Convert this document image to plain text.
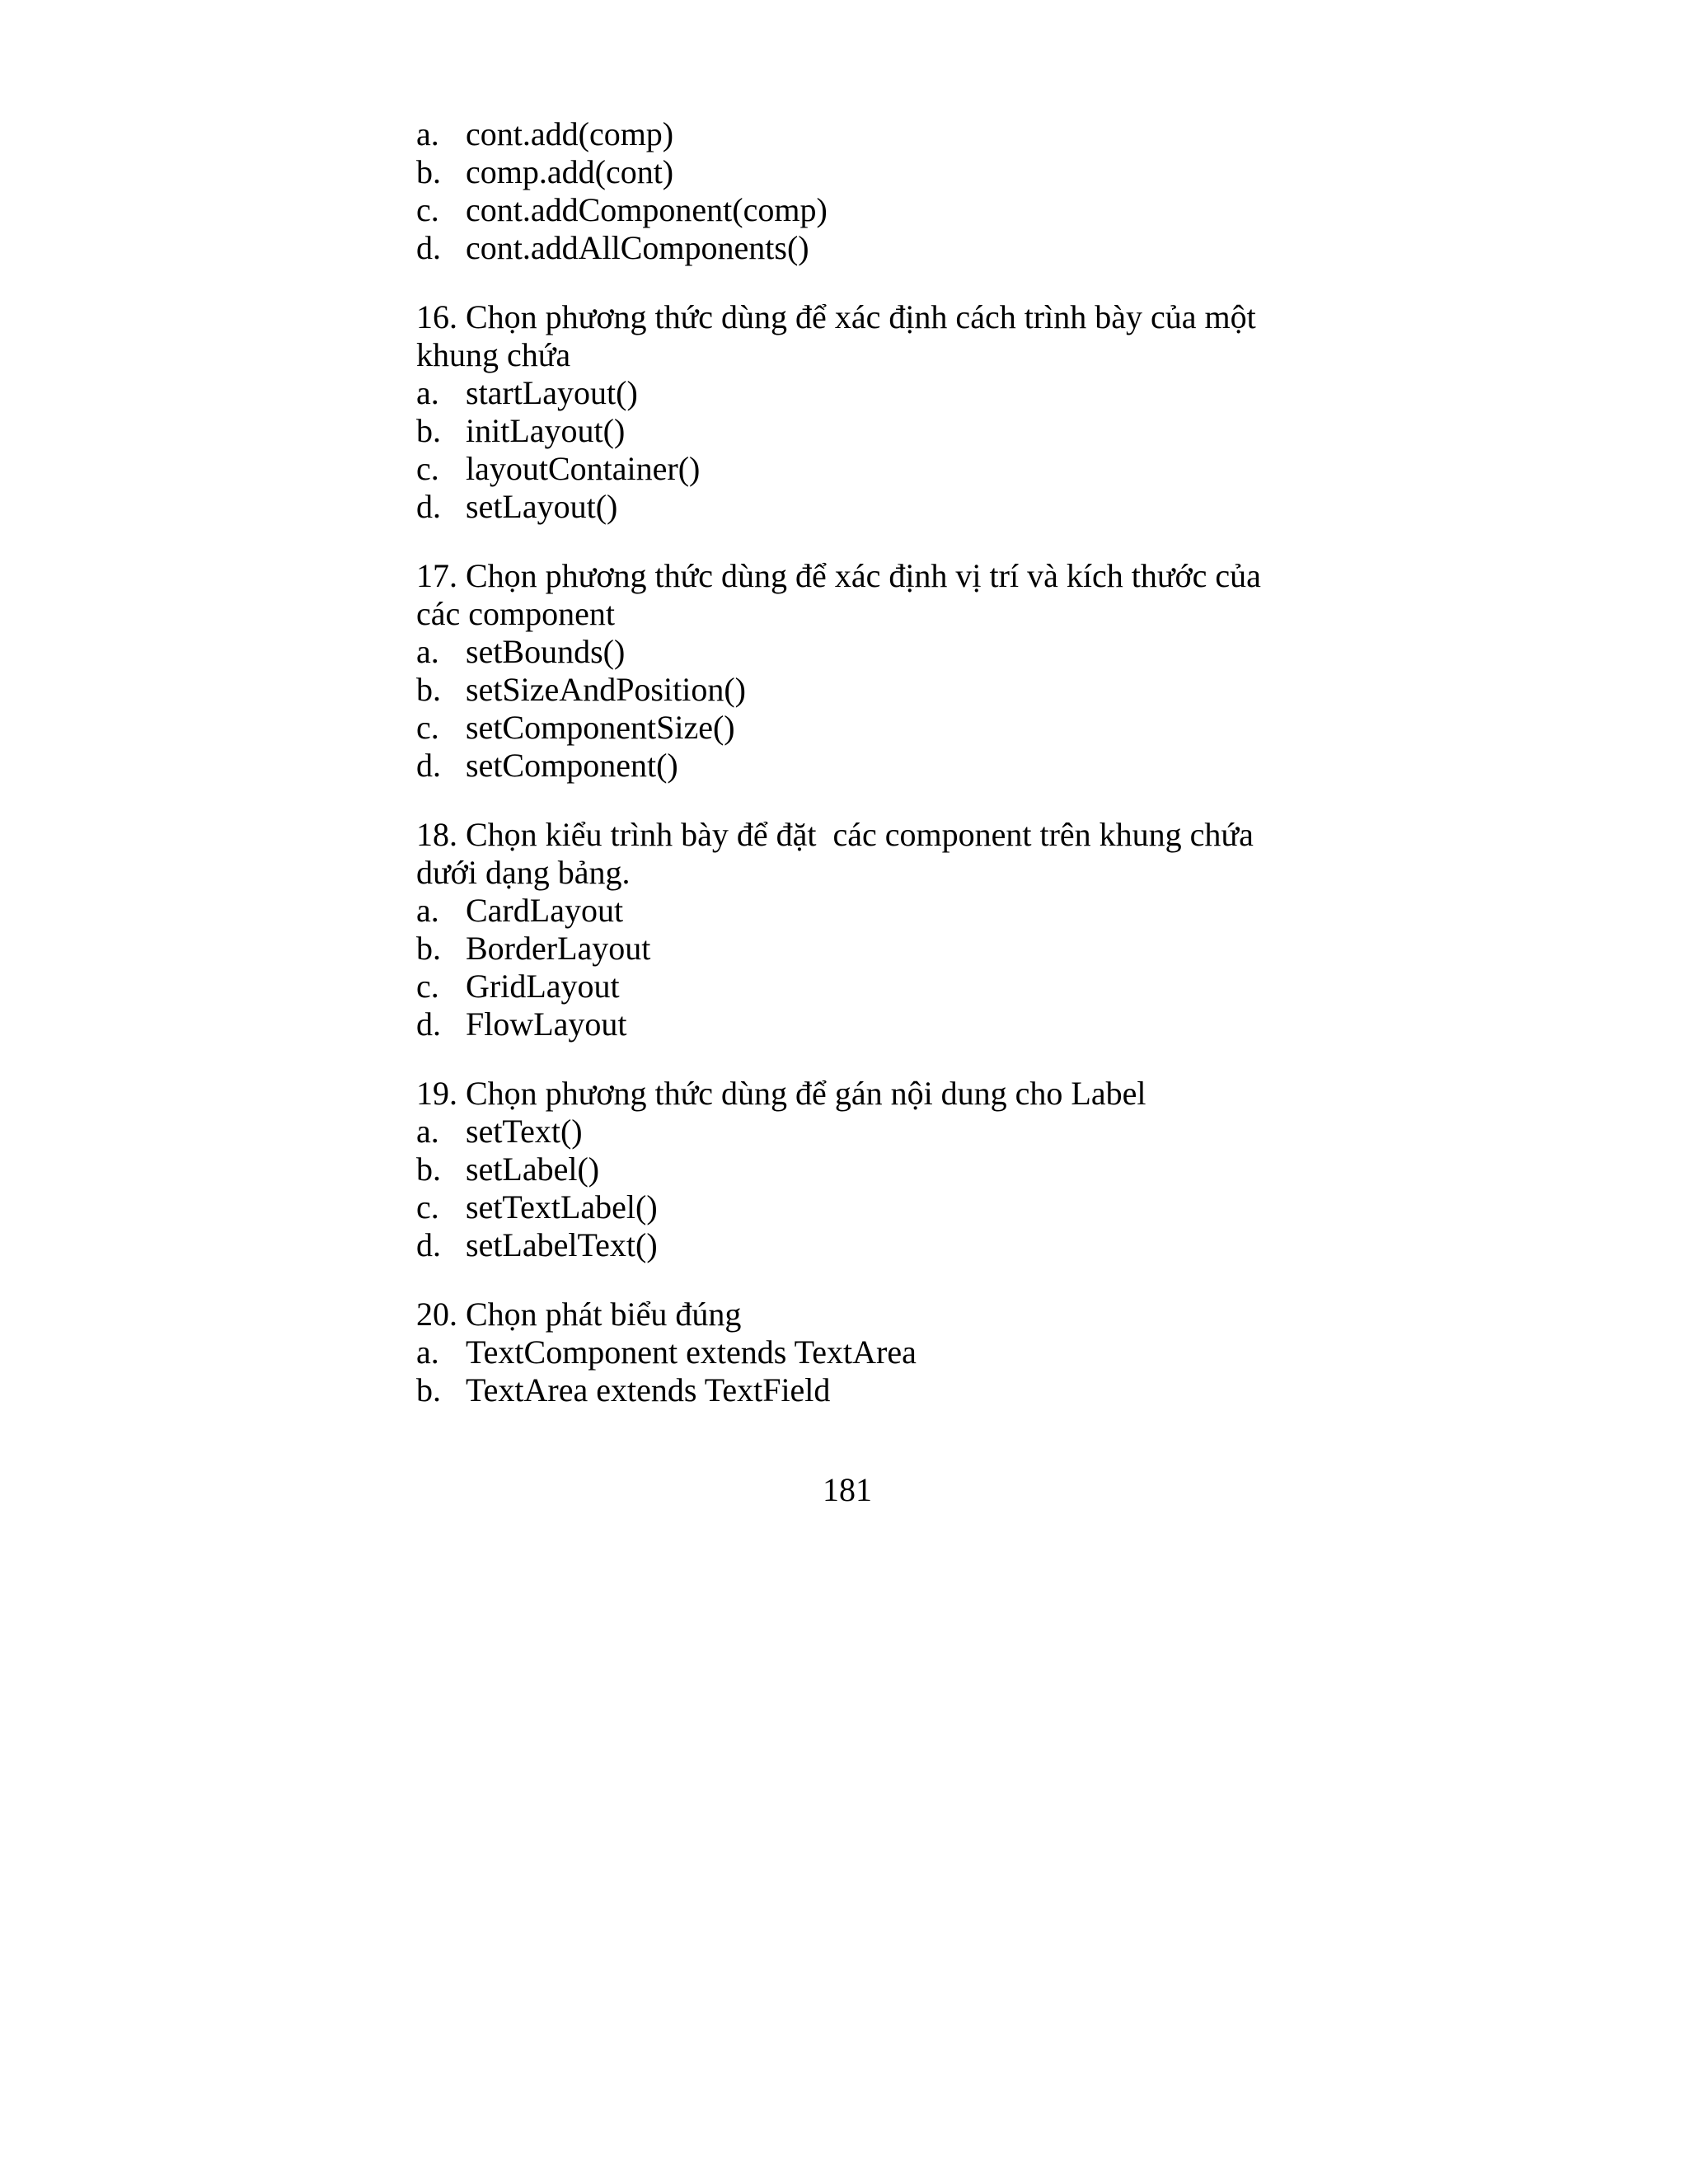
a. cont.add(comp)
b. comp.add(cont)
c. cont.addComponent(comp)
d. cont.addAllComponents()
16. Chọn phương thức dùng để xác định cách trình bày của một
khung chứa
a. startLayout()
b. initLayout()
c. layoutContainer()
d. setLayout()
17. Chọn phương thức dùng để xác định vị trí và kích thước của
các component
a. setBounds()
b. setSizeAndPosition()
c. setComponentSize()
d. setComponent()
18. Chọn kiểu trình bày để đặt  các component trên khung chứa
dưới dạng bảng.
a. CardLayout
b. BorderLayout
c. GridLayout
d. FlowLayout
19. Chọn phương thức dùng để gán nội dung cho Label
a. setText()
b. setLabel()
c. setTextLabel()
d. setLabelText()
20. Chọn phát biểu đúng
a. TextComponent extends TextArea
b. TextArea extends TextField
181
